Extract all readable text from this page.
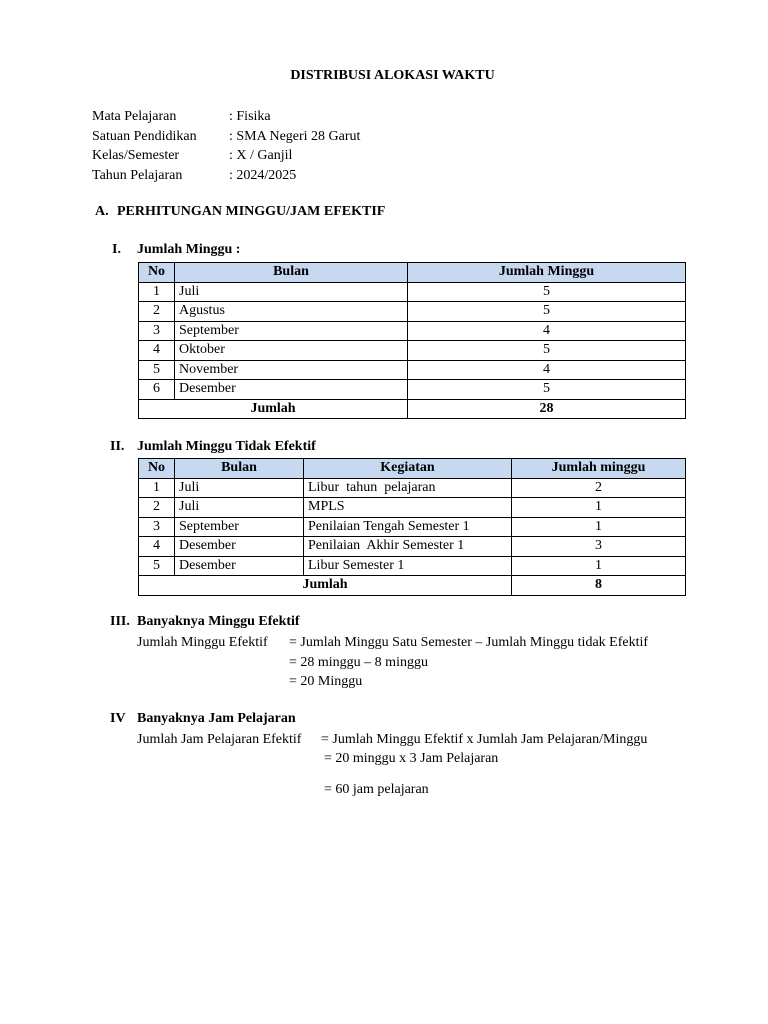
DISTRIBUSI ALOKASI WAKTU
Mata Pelajaran	: Fisika
Satuan Pendidikan : SMA Negeri 28 Garut
Kelas/Semester	: X / Ganjil
Tahun Pelajaran	: 2024/2025
A. PERHITUNGAN MINGGU/JAM EFEKTIF
I. Jumlah Minggu :
No	Bulan	Jumlah Minggu
1	Juli	5
2	Agustus	5
3	September	4
4	Oktober	5
5	November	4
6	Desember	5
Jumlah		28
II. Jumlah Minggu Tidak Efektif
No	Bulan	Kegiatan	Jumlah minggu
1	Juli	Libur  tahun  pelajaran	2
2	Juli	MPLS	1
3	September	Penilaian Tengah Semester 1	1
4	Desember	Penilaian  Akhir Semester 1	3
5	Desember	Libur Semester 1	1
Jumlah			8
III. Banyaknya Minggu Efektif
Jumlah Minggu Efektif = Jumlah Minggu Satu Semester – Jumlah Minggu tidak Efektif
= 28 minggu – 8 minggu
= 20 Minggu
IV Banyaknya Jam Pelajaran
Jumlah Jam Pelajaran Efektif = Jumlah Minggu Efektif x Jumlah Jam Pelajaran/Minggu
= 20 minggu x 3 Jam Pelajaran
= 60 jam pelajaran
